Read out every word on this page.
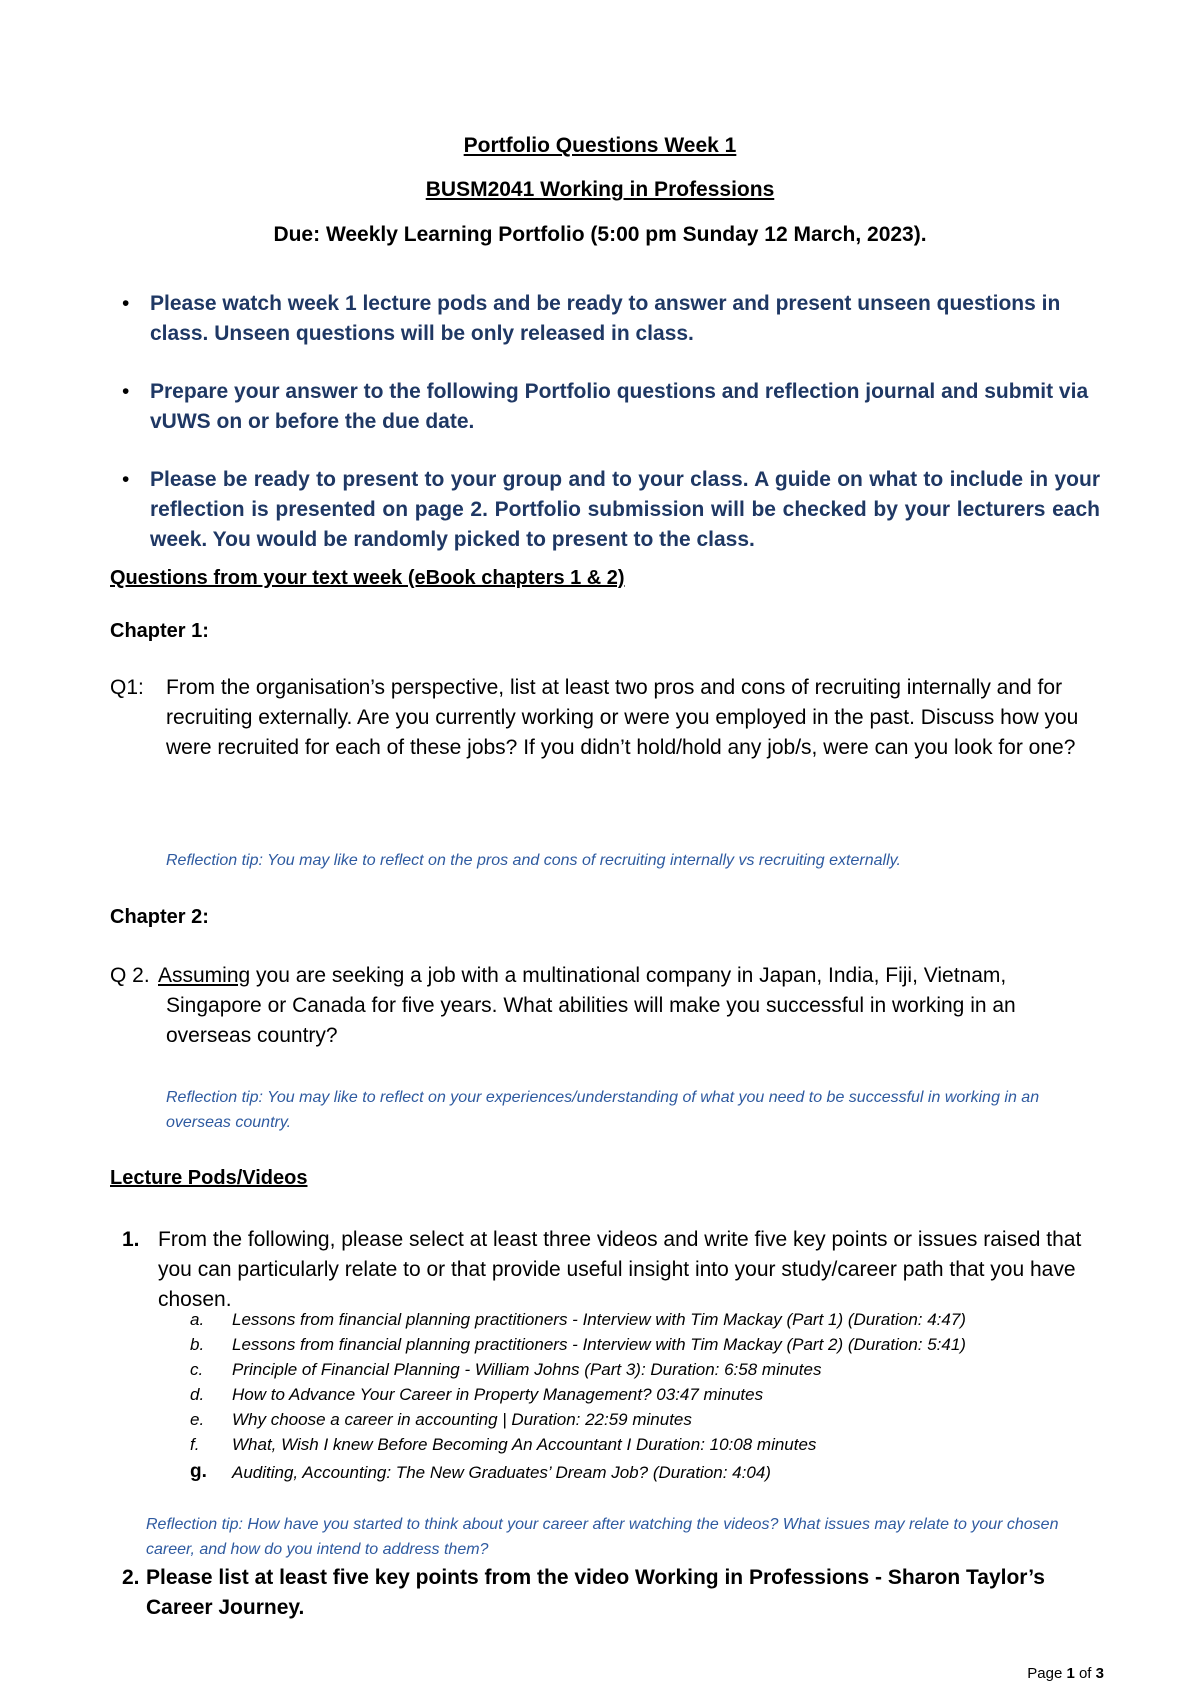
Portfolio Questions Week 1
BUSM2041 Working in Professions
Due: Weekly Learning Portfolio (5:00 pm Sunday 12 March, 2023).
• Please watch week 1 lecture pods and be ready to answer and present unseen questions in class. Unseen questions will be only released in class.
• Prepare your answer to the following Portfolio questions and reflection journal and submit via vUWS on or before the due date.
• Please be ready to present to your group and to your class. A guide on what to include in your reflection is presented on page 2. Portfolio submission will be checked by your lecturers each week. You would be randomly picked to present to the class.
Questions from your text week (eBook chapters 1 & 2)
Chapter 1:
Q1:	From the organisation’s perspective, list at least two pros and cons of recruiting internally and for recruiting externally. Are you currently working or were you employed in the past. Discuss how you were recruited for each of these jobs? If you didn’t hold/hold any job/s, were can you look for one?
Reflection tip: You may like to reflect on the pros and cons of recruiting internally vs recruiting externally.
Chapter 2:
Q 2. Assuming you are seeking a job with a multinational company in Japan, India, Fiji, Vietnam, Singapore or Canada for five years. What abilities will make you successful in working in an overseas country?
Reflection tip: You may like to reflect on your experiences/understanding of what you need to be successful in working in an overseas country.
Lecture Pods/Videos
1. From the following, please select at least three videos and write five key points or issues raised that you can particularly relate to or that provide useful insight into your study/career path that you have chosen.
a. Lessons from financial planning practitioners - Interview with Tim Mackay (Part 1) (Duration: 4:47)
b. Lessons from financial planning practitioners - Interview with Tim Mackay (Part 2) (Duration: 5:41)
c. Principle of Financial Planning - William Johns (Part 3): Duration: 6:58 minutes
d. How to Advance Your Career in Property Management? 03:47 minutes
e. Why choose a career in accounting | Duration: 22:59 minutes
f. What, Wish I knew Before Becoming An Accountant I Duration: 10:08 minutes
g. Auditing, Accounting: The New Graduates’ Dream Job? (Duration: 4:04)
Reflection tip: How have you started to think about your career after watching the videos? What issues may relate to your chosen career, and how do you intend to address them?
2. Please list at least five key points from the video Working in Professions - Sharon Taylor’s Career Journey.
Page 1 of 3
